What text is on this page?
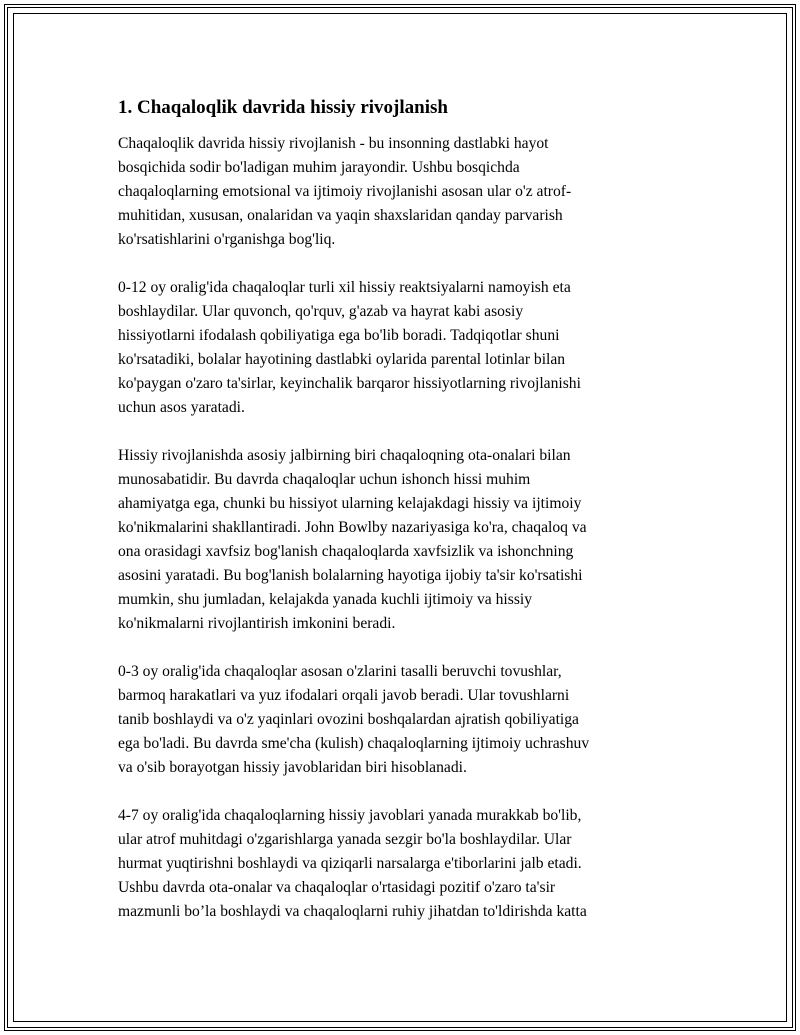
1. Chaqaloqlik davrida hissiy rivojlanish

Chaqaloqlik davrida hissiy rivojlanish - bu insonning dastlabki hayot
bosqichida sodir bo'ladigan muhim jarayondir. Ushbu bosqichda
chaqaloqlarning emotsional va ijtimoiy rivojlanishi asosan ular o'z atrof-
muhitidan, xususan, onalaridan va yaqin shaxslaridan qanday parvarish
ko'rsatishlarini o'rganishga bog'liq.

0-12 oy oralig'ida chaqaloqlar turli xil hissiy reaktsiyalarni namoyish eta
boshlaydilar. Ular quvonch, qo'rquv, g'azab va hayrat kabi asosiy
hissiyotlarni ifodalash qobiliyatiga ega bo'lib boradi. Tadqiqotlar shuni
ko'rsatadiki, bolalar hayotining dastlabki oylarida parental lotinlar bilan
ko'paygan o'zaro ta'sirlar, keyinchalik barqaror hissiyotlarning rivojlanishi
uchun asos yaratadi.

Hissiy rivojlanishda asosiy jalbirning biri chaqaloqning ota-onalari bilan
munosabatidir. Bu davrda chaqaloqlar uchun ishonch hissi muhim
ahamiyatga ega, chunki bu hissiyot ularning kelajakdagi hissiy va ijtimoiy
ko'nikmalarini shakllantiradi. John Bowlby nazariyasiga ko'ra, chaqaloq va
ona orasidagi xavfsiz bog'lanish chaqaloqlarda xavfsizlik va ishonchning
asosini yaratadi. Bu bog'lanish bolalarning hayotiga ijobiy ta'sir ko'rsatishi
mumkin, shu jumladan, kelajakda yanada kuchli ijtimoiy va hissiy
ko'nikmalarni rivojlantirish imkonini beradi.

0-3 oy oralig'ida chaqaloqlar asosan o'zlarini tasalli beruvchi tovushlar,
barmoq harakatlari va yuz ifodalari orqali javob beradi. Ular tovushlarni
tanib boshlaydi va o'z yaqinlari ovozini boshqalardan ajratish qobiliyatiga
ega bo'ladi. Bu davrda sme'cha (kulish) chaqaloqlarning ijtimoiy uchrashuv
va o'sib borayotgan hissiy javoblaridan biri hisoblanadi.

4-7 oy oralig'ida chaqaloqlarning hissiy javoblari yanada murakkab bo'lib,
ular atrof muhitdagi o'zgarishlarga yanada sezgir bo'la boshlaydilar. Ular
hurmat yuqtirishni boshlaydi va qiziqarli narsalarga e'tiborlarini jalb etadi.
Ushbu davrda ota-onalar va chaqaloqlar o'rtasidagi pozitif o'zaro ta'sir
mazmunli bo’la boshlaydi va chaqaloqlarni ruhiy jihatdan to'ldirishda katta
